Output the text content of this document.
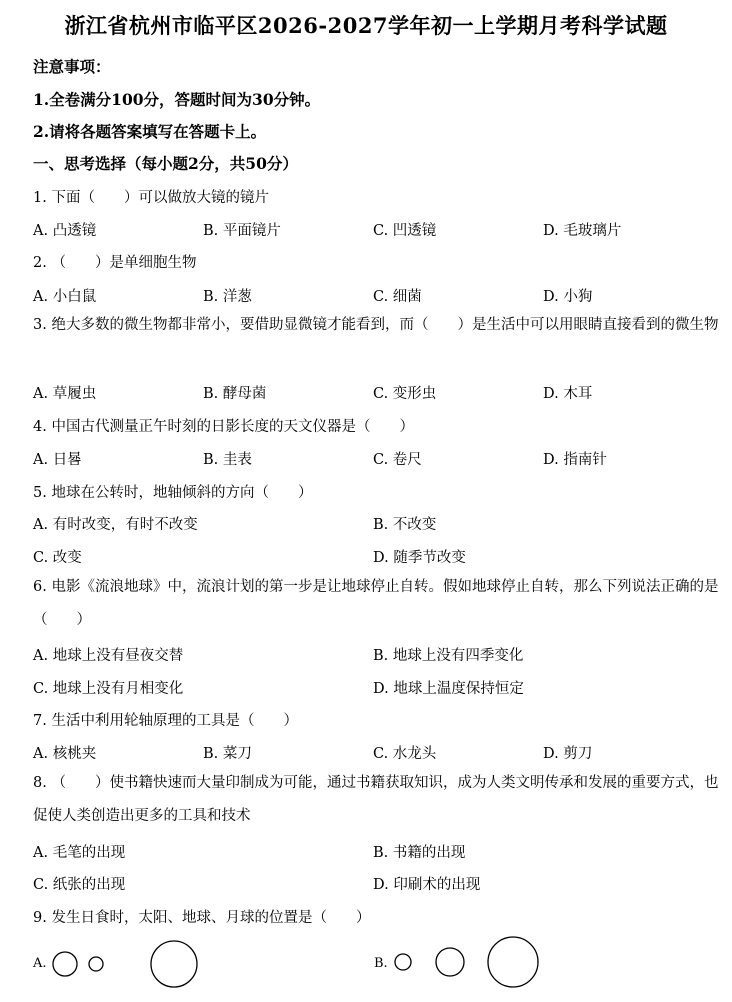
浙江省杭州市临平区2026-2027学年初一上学期月考科学试题
注意事项：
1.全卷满分100分，答题时间为30分钟。
2.请将各题答案填写在答题卡上。
一、思考选择（每小题2分，共50分）
1. 下面（　　）可以做放大镜的镜片
A. 凸透镜	B. 平面镜片	C. 凹透镜	D. 毛玻璃片
2. （　　）是单细胞生物
A. 小白鼠	B. 洋葱	C. 细菌	D. 小狗
3. 绝大多数的微生物都非常小，要借助显微镜才能看到，而（　　）是生活中可以用眼睛直接看到的微生物
A. 草履虫	B. 酵母菌	C. 变形虫	D. 木耳
4. 中国古代测量正午时刻的日影长度的天文仪器是（　　）
A. 日晷	B. 圭表	C. 卷尺	D. 指南针
5. 地球在公转时，地轴倾斜的方向（　　）
A. 有时改变，有时不改变	B. 不改变
C. 改变	D. 随季节改变
6. 电影《流浪地球》中，流浪计划的第一步是让地球停止自转。假如地球停止自转，那么下列说法正确的是（　　）
A. 地球上没有昼夜交替	B. 地球上没有四季变化
C. 地球上没有月相变化	D. 地球上温度保持恒定
7. 生活中利用轮轴原理的工具是（　　）
A. 核桃夹	B. 菜刀	C. 水龙头	D. 剪刀
8. （　　）使书籍快速而大量印制成为可能，通过书籍获取知识，成为人类文明传承和发展的重要方式，也促使人类创造出更多的工具和技术
A. 毛笔的出现	B. 书籍的出现
C. 纸张的出现	D. 印刷术的出现
9. 发生日食时，太阳、地球、月球的位置是（　　）
A.	B.
